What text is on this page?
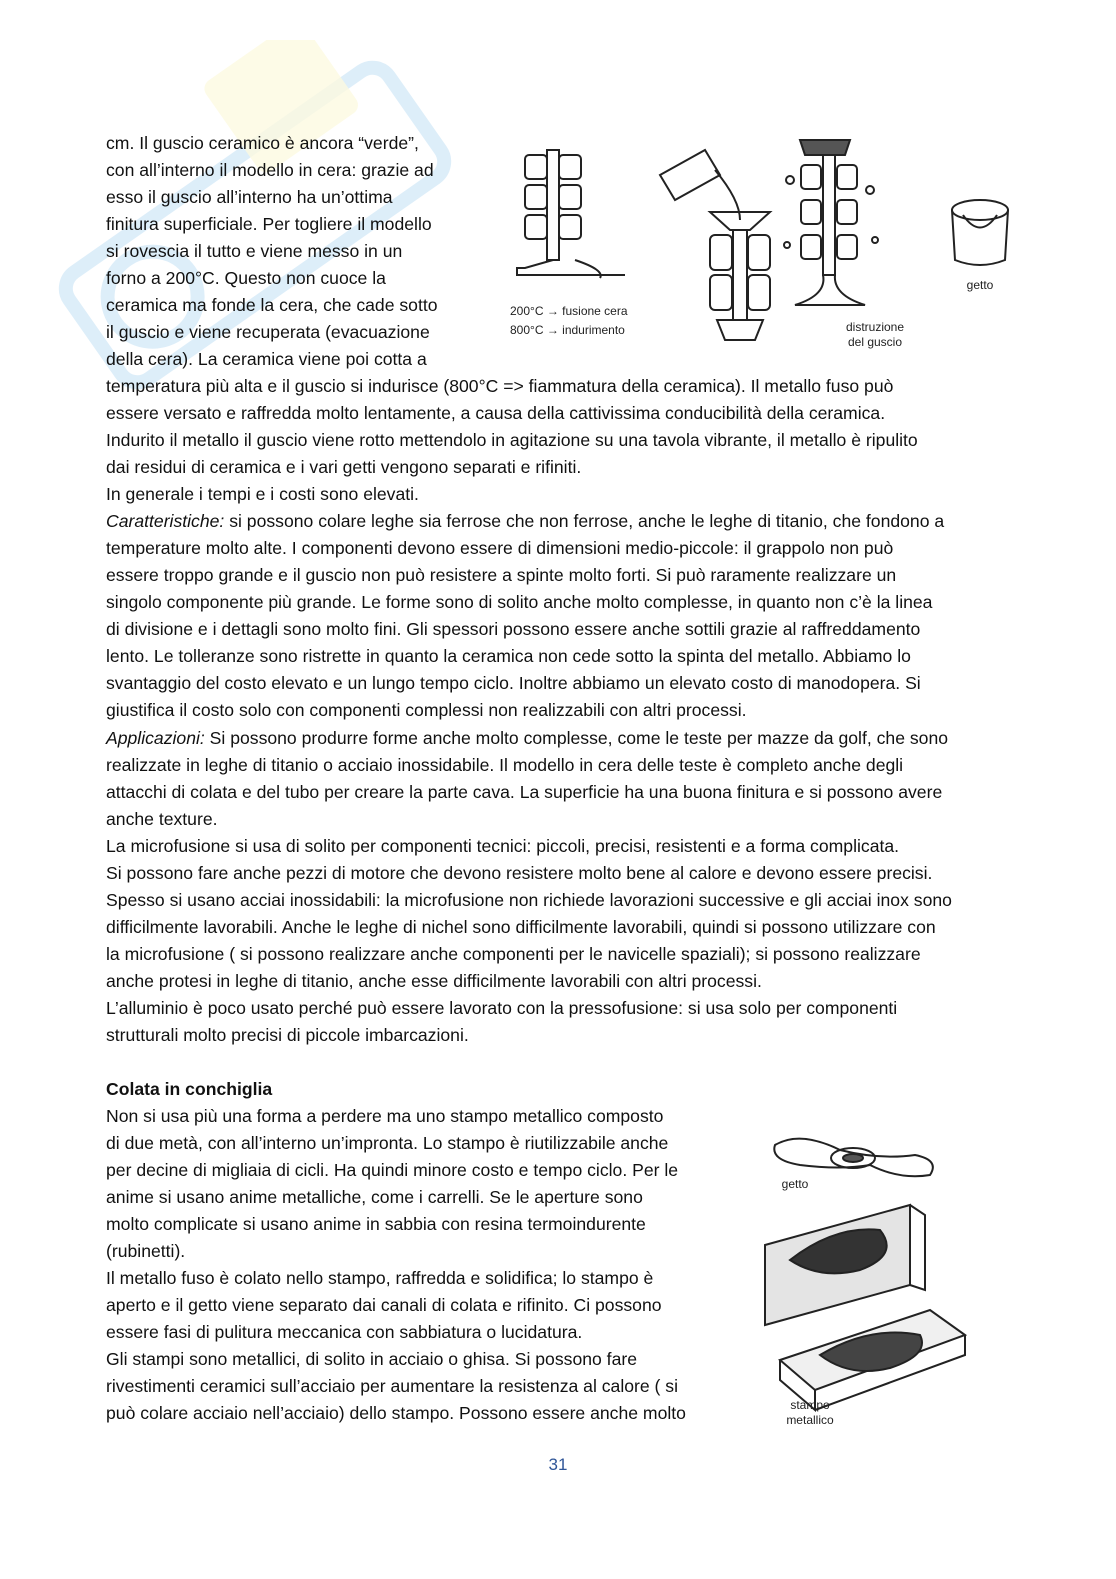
cm. Il guscio ceramico è ancora “verde”,
con all’interno il modello in cera: grazie ad
esso il guscio all’interno ha un’ottima
finitura superficiale. Per togliere il modello
si rovescia il tutto e viene messo in un
forno a 200°C. Questo non cuoce la
ceramica ma fonde la cera, che cade sotto
il guscio e viene recuperata (evacuazione
della cera). La ceramica viene poi cotta a
temperatura più alta e il guscio si indurisce (800°C => fiammatura della ceramica). Il metallo fuso può
essere versato e raffredda molto lentamente, a causa della cattivissima conducibilità della ceramica.
Indurito il metallo il guscio viene rotto mettendolo in agitazione su una tavola vibrante, il metallo è ripulito
dai residui di ceramica e i vari getti vengono separati e rifiniti.
In generale i tempi e i costi sono elevati.
Caratteristiche: si possono colare leghe sia ferrose che non ferrose, anche le leghe di titanio, che fondono a
temperature molto alte. I componenti devono essere di dimensioni medio-piccole: il grappolo non può
essere troppo grande e il guscio non può resistere a spinte molto forti. Si può raramente realizzare un
singolo componente più grande. Le forme sono di solito anche molto complesse, in quanto non c’è la linea
di divisione e i dettagli sono molto fini. Gli spessori possono essere anche sottili grazie al raffreddamento
lento. Le tolleranze sono ristrette in quanto la ceramica non cede sotto la spinta del metallo. Abbiamo lo
svantaggio del costo elevato e un lungo tempo ciclo. Inoltre abbiamo un elevato costo di manodopera. Si
giustifica il costo solo con componenti complessi non realizzabili con altri processi.
Applicazioni: Si possono produrre forme anche molto complesse, come le teste per mazze da golf, che sono
realizzate in leghe di titanio o acciaio inossidabile. Il modello in cera delle teste è completo anche degli
attacchi di colata e del tubo per creare la parte cava. La superficie ha una buona finitura e si possono avere
anche texture.
La microfusione si usa di solito per componenti tecnici: piccoli, precisi, resistenti e a forma complicata.
Si possono fare anche pezzi di motore che devono resistere molto bene al calore e devono essere precisi.
Spesso si usano acciai inossidabili: la microfusione non richiede lavorazioni successive e gli acciai inox sono
difficilmente lavorabili. Anche le leghe di nichel sono difficilmente lavorabili, quindi si possono utilizzare con
la microfusione ( si possono realizzare anche componenti per le navicelle spaziali); si possono realizzare
anche protesi in leghe di titanio, anche esse difficilmente lavorabili con altri processi.
L’alluminio è poco usato perché può essere lavorato con la pressofusione: si usa solo per componenti
strutturali molto precisi di piccole imbarcazioni.
Colata in conchiglia
Non si usa più una forma a perdere ma uno stampo metallico composto
di due metà, con all’interno un’impronta. Lo stampo è riutilizzabile anche
per decine di migliaia di cicli. Ha quindi minore costo e tempo ciclo. Per le
anime si usano anime metalliche, come i carrelli. Se le aperture sono
molto complicate si usano anime in sabbia con resina termoindurente
(rubinetti).
Il metallo fuso è colato nello stampo, raffredda e solidifica; lo stampo è
aperto e il getto viene separato dai canali di colata e rifinito. Ci possono
essere fasi di pulitura meccanica con sabbiatura o lucidatura.
Gli stampi sono metallici, di solito in acciaio o ghisa. Si possono fare
rivestimenti ceramici sull’acciaio per aumentare la resistenza al calore ( si
può colare acciaio nell’acciaio) dello stampo. Possono essere anche molto
200°C → fusione cera
800°C → indurimento	distruzione
del guscio
getto
getto
stampo
metallico
31
